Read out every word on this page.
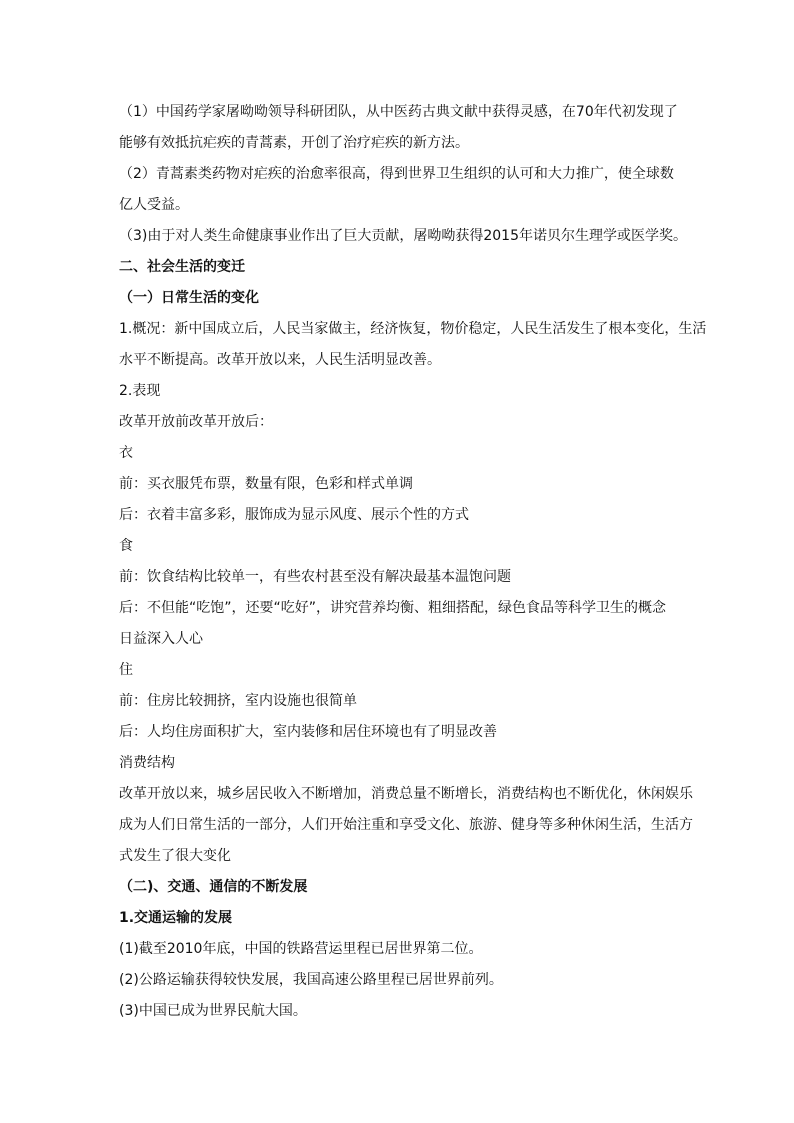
（1）中国药学家屠呦呦领导科研团队，从中医药古典文献中获得灵感，在70年代初发现了
能够有效抵抗疟疾的青蒿素，开创了治疗疟疾的新方法。
（2）青蒿素类药物对疟疾的治愈率很高，得到世界卫生组织的认可和大力推广，使全球数
亿人受益。
（3)由于对人类生命健康事业作出了巨大贡献，屠呦呦获得2015年诺贝尔生理学或医学奖。
二、社会生活的变迁
（一）日常生活的变化
1.概况：新中国成立后，人民当家做主，经济恢复，物价稳定，人民生活发生了根本变化，生活
水平不断提高。改革开放以来，人民生活明显改善。
2.表现
改革开放前改革开放后：
衣
前：买衣服凭布票，数量有限，色彩和样式单调
后：衣着丰富多彩，服饰成为显示风度、展示个性的方式
食
前：饮食结构比较单一，有些农村甚至没有解决最基本温饱问题
后：不但能“吃饱”，还要“吃好”，讲究营养均衡、粗细搭配，绿色食品等科学卫生的概念
日益深入人心
住
前：住房比较拥挤，室内设施也很简单
后：人均住房面积扩大，室内装修和居住环境也有了明显改善
消费结构
改革开放以来，城乡居民收入不断增加，消费总量不断增长，消费结构也不断优化，休闲娱乐
成为人们日常生活的一部分，人们开始注重和享受文化、旅游、健身等多种休闲生活，生活方
式发生了很大变化
（二)、交通、通信的不断发展
1.交通运输的发展
(1)截至2010年底，中国的铁路营运里程已居世界第二位。
(2)公路运输获得较快发展，我国高速公路里程已居世界前列。
(3)中国已成为世界民航大国。
